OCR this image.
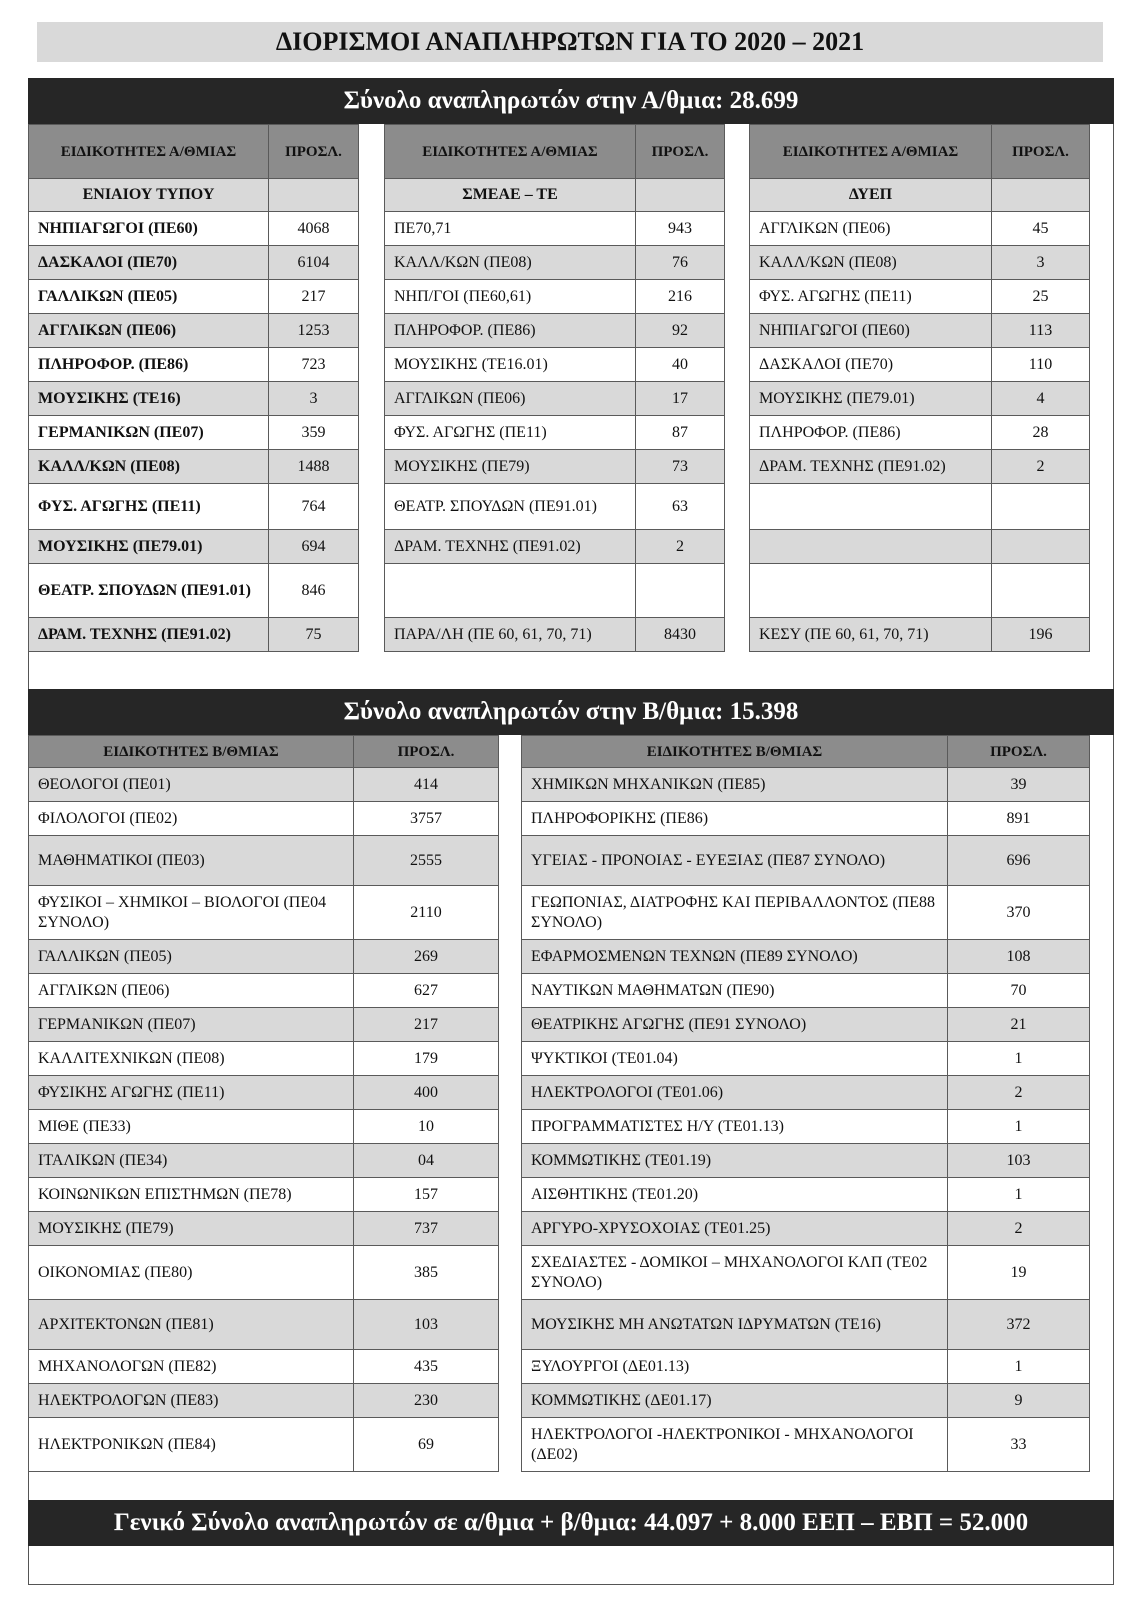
ΔΙΟΡΙΣΜΟΙ ΑΝΑΠΛΗΡΩΤΩΝ ΓΙΑ ΤΟ 2020 – 2021
Σύνολο αναπληρωτών στην Α/θμια: 28.699
ΕΙΔΙΚΟΤΗΤΕΣ Α/ΘΜΙΑΣ	ΠΡΟΣΛ.
ΕΝΙΑΙΟΥ ΤΥΠΟΥ
ΝΗΠΙΑΓΩΓΟΙ (ΠΕ60)	4068
ΔΑΣΚΑΛΟΙ (ΠΕ70)	6104
ΓΑΛΛΙΚΩΝ (ΠΕ05)	217
ΑΓΓΛΙΚΩΝ (ΠΕ06)	1253
ΠΛΗΡΟΦΟΡ. (ΠΕ86)	723
ΜΟΥΣΙΚΗΣ (ΤΕ16)	3
ΓΕΡΜΑΝΙΚΩΝ (ΠΕ07)	359
ΚΑΛΛ/ΚΩΝ (ΠΕ08)	1488
ΦΥΣ. ΑΓΩΓΗΣ (ΠΕ11)	764
ΜΟΥΣΙΚΗΣ (ΠΕ79.01)	694
ΘΕΑΤΡ. ΣΠΟΥΔΩΝ (ΠΕ91.01)	846
ΔΡΑΜ. ΤΕΧΝΗΣ (ΠΕ91.02)	75
ΕΙΔΙΚΟΤΗΤΕΣ Α/ΘΜΙΑΣ	ΠΡΟΣΛ.
ΣΜΕΑΕ – ΤΕ
ΠΕ70,71	943
ΚΑΛΛ/ΚΩΝ (ΠΕ08)	76
ΝΗΠ/ΓΟΙ (ΠΕ60,61)	216
ΠΛΗΡΟΦΟΡ. (ΠΕ86)	92
ΜΟΥΣΙΚΗΣ (ΤΕ16.01)	40
ΑΓΓΛΙΚΩΝ (ΠΕ06)	17
ΦΥΣ. ΑΓΩΓΗΣ (ΠΕ11)	87
ΜΟΥΣΙΚΗΣ (ΠΕ79)	73
ΘΕΑΤΡ. ΣΠΟΥΔΩΝ (ΠΕ91.01)	63
ΔΡΑΜ. ΤΕΧΝΗΣ (ΠΕ91.02)	2
ΠΑΡΑ/ΛΗ (ΠΕ 60, 61, 70, 71)	8430
ΕΙΔΙΚΟΤΗΤΕΣ Α/ΘΜΙΑΣ	ΠΡΟΣΛ.
ΔΥΕΠ
ΑΓΓΛΙΚΩΝ (ΠΕ06)	45
ΚΑΛΛ/ΚΩΝ (ΠΕ08)	3
ΦΥΣ. ΑΓΩΓΗΣ (ΠΕ11)	25
ΝΗΠΙΑΓΩΓΟΙ (ΠΕ60)	113
ΔΑΣΚΑΛΟΙ (ΠΕ70)	110
ΜΟΥΣΙΚΗΣ (ΠΕ79.01)	4
ΠΛΗΡΟΦΟΡ. (ΠΕ86)	28
ΔΡΑΜ. ΤΕΧΝΗΣ (ΠΕ91.02)	2
ΚΕΣΥ (ΠΕ 60, 61, 70, 71)	196
Σύνολο αναπληρωτών στην Β/θμια: 15.398
ΕΙΔΙΚΟΤΗΤΕΣ Β/ΘΜΙΑΣ	ΠΡΟΣΛ.
ΘΕΟΛΟΓΟΙ (ΠΕ01)	414
ΦΙΛΟΛΟΓΟΙ (ΠΕ02)	3757
ΜΑΘΗΜΑΤΙΚΟΙ (ΠΕ03)	2555
ΦΥΣΙΚΟΙ – ΧΗΜΙΚΟΙ – ΒΙΟΛΟΓΟΙ (ΠΕ04 ΣΥΝΟΛΟ)
2110
ΓΑΛΛΙΚΩΝ (ΠΕ05)	269
ΑΓΓΛΙΚΩΝ (ΠΕ06)	627
ΓΕΡΜΑΝΙΚΩΝ (ΠΕ07)	217
ΚΑΛΛΙΤΕΧΝΙΚΩΝ (ΠΕ08)	179
ΦΥΣΙΚΗΣ ΑΓΩΓΗΣ (ΠΕ11)	400
ΜΙΘΕ (ΠΕ33)	10
ΙΤΑΛΙΚΩΝ (ΠΕ34)	04
ΚΟΙΝΩΝΙΚΩΝ ΕΠΙΣΤΗΜΩΝ (ΠΕ78)	157
ΜΟΥΣΙΚΗΣ (ΠΕ79)	737
ΟΙΚΟΝΟΜΙΑΣ (ΠΕ80)	385
ΑΡΧΙΤΕΚΤΟΝΩΝ (ΠΕ81)	103
ΜΗΧΑΝΟΛΟΓΩΝ (ΠΕ82)	435
ΗΛΕΚΤΡΟΛΟΓΩΝ (ΠΕ83)	230
ΗΛΕΚΤΡΟΝΙΚΩΝ (ΠΕ84)	69
ΕΙΔΙΚΟΤΗΤΕΣ Β/ΘΜΙΑΣ	ΠΡΟΣΛ.
ΧΗΜΙΚΩΝ ΜΗΧΑΝΙΚΩΝ (ΠΕ85)	39
ΠΛΗΡΟΦΟΡΙΚΗΣ (ΠΕ86)	891
ΥΓΕΙΑΣ - ΠΡΟΝΟΙΑΣ - ΕΥΕΞΙΑΣ (ΠΕ87 ΣΥΝΟΛΟ)	696
ΓΕΩΠΟΝΙΑΣ, ΔΙΑΤΡΟΦΗΣ ΚΑΙ ΠΕΡΙΒΑΛΛΟΝΤΟΣ (ΠΕ88 ΣΥΝΟΛΟ)
370
ΕΦΑΡΜΟΣΜΕΝΩΝ ΤΕΧΝΩΝ (ΠΕ89 ΣΥΝΟΛΟ)	108
ΝΑΥΤΙΚΩΝ ΜΑΘΗΜΑΤΩΝ (ΠΕ90)	70
ΘΕΑΤΡΙΚΗΣ ΑΓΩΓΗΣ (ΠΕ91 ΣΥΝΟΛΟ)	21
ΨΥΚΤΙΚΟΙ (ΤΕ01.04)	1
ΗΛΕΚΤΡΟΛΟΓΟΙ (ΤΕ01.06)	2
ΠΡΟΓΡΑΜΜΑΤΙΣΤΕΣ Η/Υ (ΤΕ01.13)	1
ΚΟΜΜΩΤΙΚΗΣ (ΤΕ01.19)	103
ΑΙΣΘΗΤΙΚΗΣ (ΤΕ01.20)	1
ΑΡΓΥΡΟ-ΧΡΥΣΟΧΟΙΑΣ (ΤΕ01.25)	2
ΣΧΕΔΙΑΣΤΕΣ - ΔΟΜΙΚΟΙ – ΜΗΧΑΝΟΛΟΓΟΙ ΚΛΠ (ΤΕ02 ΣΥΝΟΛΟ)
19
ΜΟΥΣΙΚΗΣ ΜΗ ΑΝΩΤΑΤΩΝ ΙΔΡΥΜΑΤΩΝ (ΤΕ16)	372
ΞΥΛΟΥΡΓΟΙ (ΔΕ01.13)	1
ΚΟΜΜΩΤΙΚΗΣ (ΔΕ01.17)	9
ΗΛΕΚΤΡΟΛΟΓΟΙ -ΗΛΕΚΤΡΟΝΙΚΟΙ - ΜΗΧΑΝΟΛΟΓΟΙ (ΔΕ02)
33
Γενικό Σύνολο αναπληρωτών σε α/θμια + β/θμια: 44.097 + 8.000 ΕΕΠ – ΕΒΠ = 52.000
